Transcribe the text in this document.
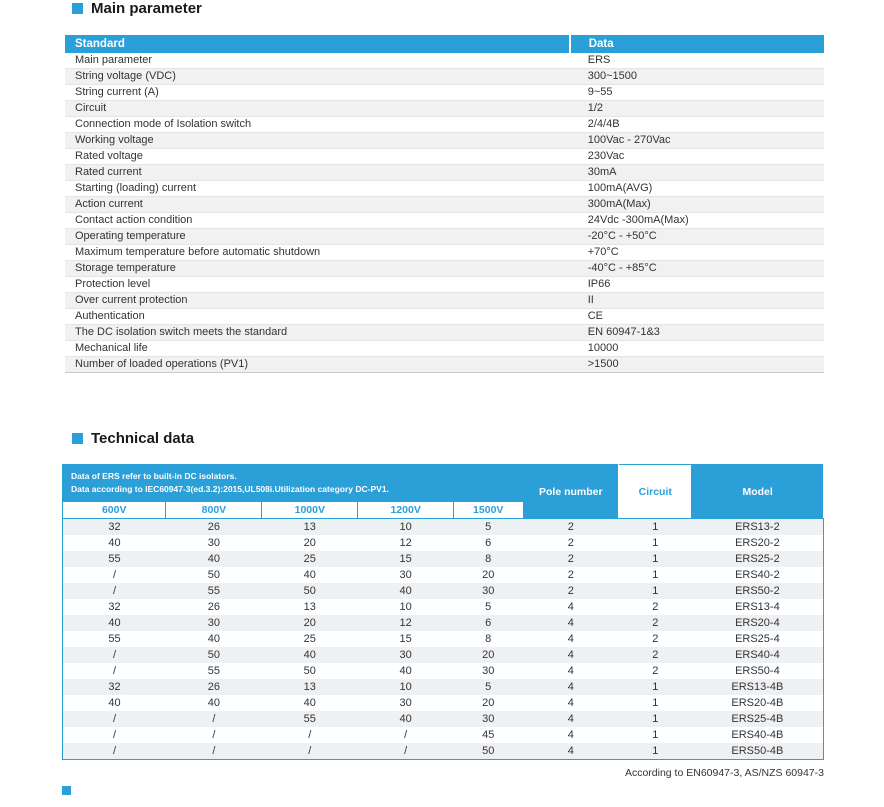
Main parameter
Standard	Data
Main parameter	ERS
String voltage (VDC)	300~1500
String current (A)	9~55
Circuit	1/2
Connection mode of Isolation switch	2/4/4B
Working voltage	100Vac - 270Vac
Rated voltage	230Vac
Rated current	30mA
Starting (loading) current	100mA(AVG)
Action current	300mA(Max)
Contact action condition	24Vdc -300mA(Max)
Operating temperature	-20°C - +50°C
Maximum temperature before automatic shutdown	+70°C
Storage temperature	-40°C - +85°C
Protection level	IP66
Over current protection	II
Authentication	CE
The DC isolation switch meets the standard	EN 60947-1&3
Mechanical life	10000
Number of loaded operations (PV1)	>1500
Technical data
Data of ERS refer to built-in DC isolators.
Data according to IEC60947-3(ed.3.2):2015,UL508i.Utilization category DC-PV1.					Pole number	Circuit	Model
600V	800V	1000V	1200V	1500V			
32	26	13	10	5	2	1	ERS13-2
40	30	20	12	6	2	1	ERS20-2
55	40	25	15	8	2	1	ERS25-2
/	50	40	30	20	2	1	ERS40-2
/	55	50	40	30	2	1	ERS50-2
32	26	13	10	5	4	2	ERS13-4
40	30	20	12	6	4	2	ERS20-4
55	40	25	15	8	4	2	ERS25-4
/	50	40	30	20	4	2	ERS40-4
/	55	50	40	30	4	2	ERS50-4
32	26	13	10	5	4	1	ERS13-4B
40	40	40	30	20	4	1	ERS20-4B
/	/	55	40	30	4	1	ERS25-4B
/	/	/	/	45	4	1	ERS40-4B
/	/	/	/	50	4	1	ERS50-4B
According to EN60947-3, AS/NZS 60947-3
